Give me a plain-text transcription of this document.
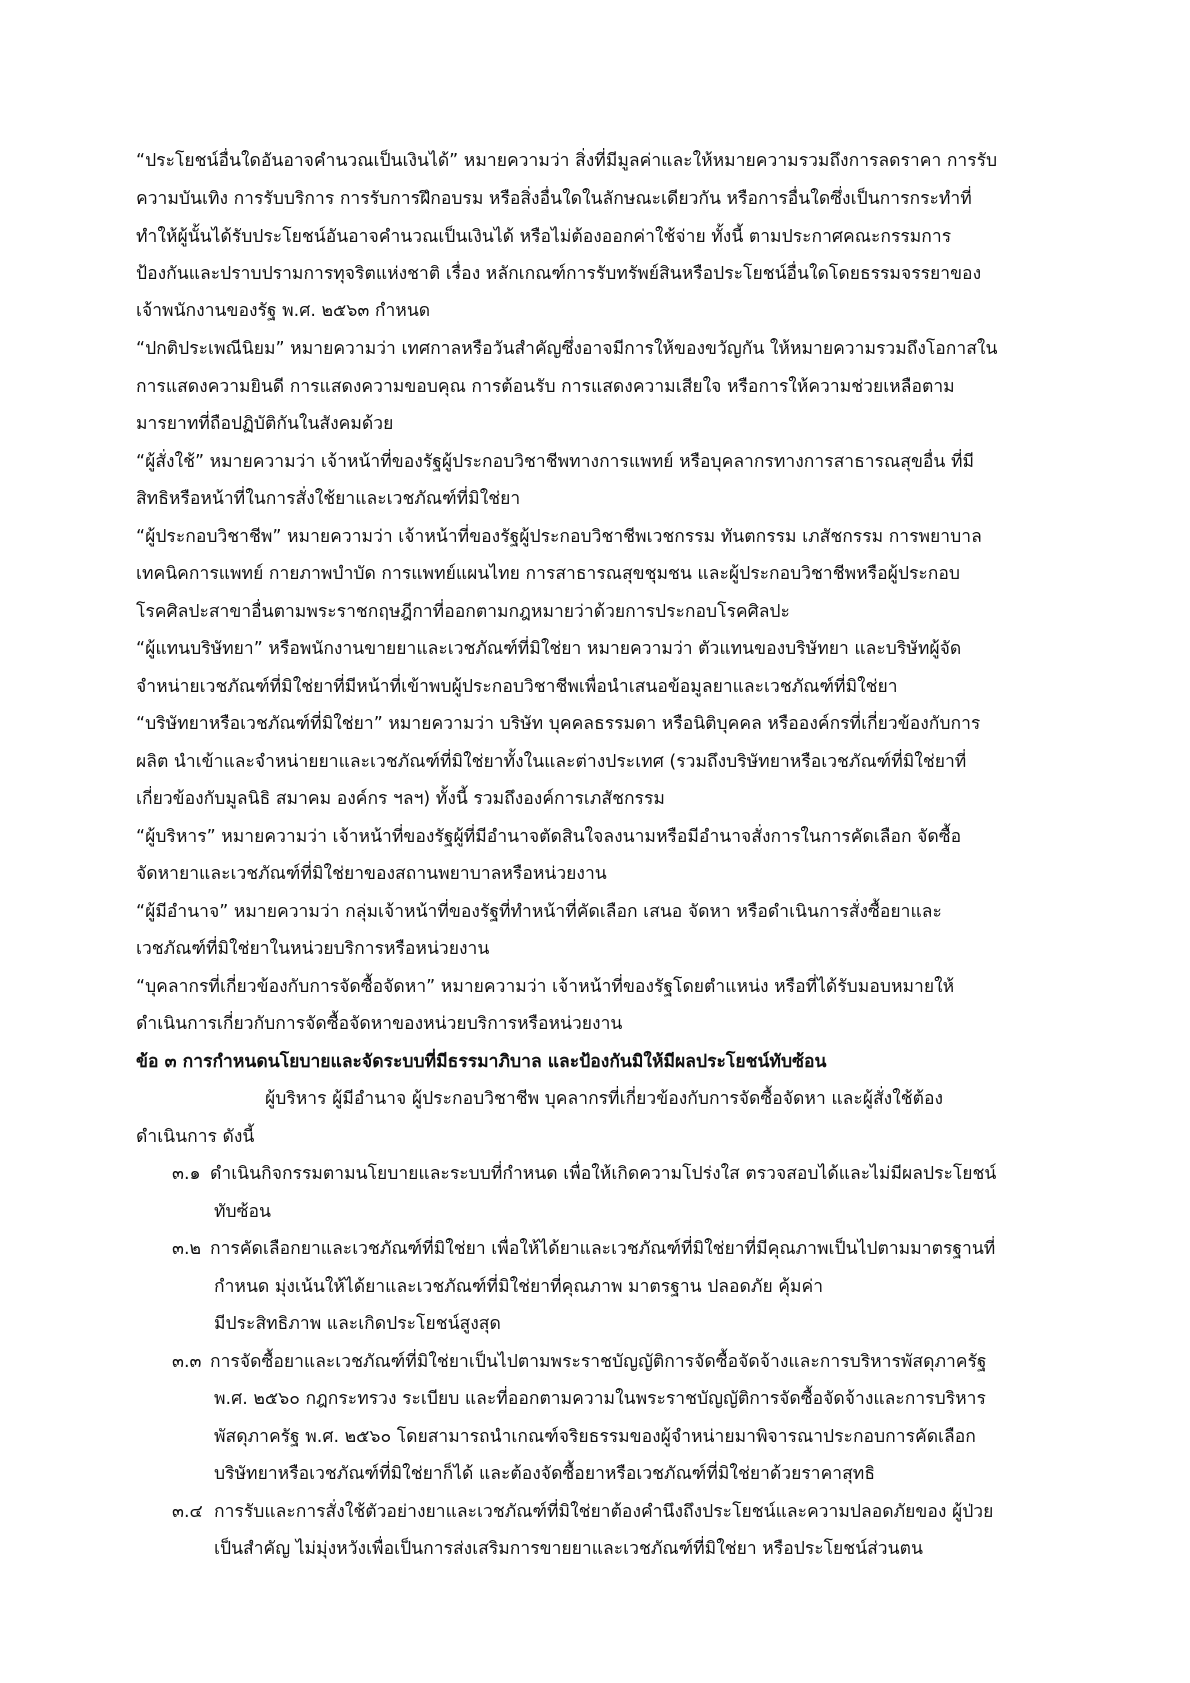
“ประโยชน์อื่นใดอันอาจคำนวณเป็นเงินได้” หมายความว่า สิ่งที่มีมูลค่าและให้หมายความรวมถึงการลดราคา การรับ
ความบันเทิง การรับบริการ การรับการฝึกอบรม หรือสิ่งอื่นใดในลักษณะเดียวกัน หรือการอื่นใดซึ่งเป็นการกระทำที่
ทำให้ผู้นั้นได้รับประโยชน์อันอาจคำนวณเป็นเงินได้ หรือไม่ต้องออกค่าใช้จ่าย ทั้งนี้ ตามประกาศคณะกรรมการ
ป้องกันและปราบปรามการทุจริตแห่งชาติ เรื่อง หลักเกณฑ์การรับทรัพย์สินหรือประโยชน์อื่นใดโดยธรรมจรรยาของ
เจ้าพนักงานของรัฐ พ.ศ. ๒๕๖๓ กำหนด
“ปกติประเพณีนิยม” หมายความว่า เทศกาลหรือวันสำคัญซึ่งอาจมีการให้ของขวัญกัน ให้หมายความรวมถึงโอกาสใน
การแสดงความยินดี การแสดงความขอบคุณ การต้อนรับ การแสดงความเสียใจ หรือการให้ความช่วยเหลือตาม
มารยาทที่ถือปฏิบัติกันในสังคมด้วย
“ผู้สั่งใช้” หมายความว่า เจ้าหน้าที่ของรัฐผู้ประกอบวิชาชีพทางการแพทย์ หรือบุคลากรทางการสาธารณสุขอื่น ที่มี
สิทธิหรือหน้าที่ในการสั่งใช้ยาและเวชภัณฑ์ที่มิใช่ยา
“ผู้ประกอบวิชาชีพ” หมายความว่า เจ้าหน้าที่ของรัฐผู้ประกอบวิชาชีพเวชกรรม ทันตกรรม เภสัชกรรม การพยาบาล
เทคนิคการแพทย์ กายภาพบำบัด การแพทย์แผนไทย การสาธารณสุขชุมชน และผู้ประกอบวิชาชีพหรือผู้ประกอบ
โรคศิลปะสาขาอื่นตามพระราชกฤษฎีกาที่ออกตามกฎหมายว่าด้วยการประกอบโรคศิลปะ
“ผู้แทนบริษัทยา” หรือพนักงานขายยาและเวชภัณฑ์ที่มิใช่ยา หมายความว่า ตัวแทนของบริษัทยา และบริษัทผู้จัด
จำหน่ายเวชภัณฑ์ที่มิใช่ยาที่มีหน้าที่เข้าพบผู้ประกอบวิชาชีพเพื่อนำเสนอข้อมูลยาและเวชภัณฑ์ที่มิใช่ยา
“บริษัทยาหรือเวชภัณฑ์ที่มิใช่ยา” หมายความว่า บริษัท บุคคลธรรมดา หรือนิติบุคคล หรือองค์กรที่เกี่ยวข้องกับการ
ผลิต นำเข้าและจำหน่ายยาและเวชภัณฑ์ที่มิใช่ยาทั้งในและต่างประเทศ (รวมถึงบริษัทยาหรือเวชภัณฑ์ที่มิใช่ยาที่
เกี่ยวข้องกับมูลนิธิ สมาคม องค์กร ฯลฯ) ทั้งนี้ รวมถึงองค์การเภสัชกรรม
“ผู้บริหาร” หมายความว่า เจ้าหน้าที่ของรัฐผู้ที่มีอำนาจตัดสินใจลงนามหรือมีอำนาจสั่งการในการคัดเลือก จัดซื้อ
จัดหายาและเวชภัณฑ์ที่มิใช่ยาของสถานพยาบาลหรือหน่วยงาน
“ผู้มีอำนาจ” หมายความว่า กลุ่มเจ้าหน้าที่ของรัฐที่ทำหน้าที่คัดเลือก เสนอ จัดหา หรือดำเนินการสั่งซื้อยาและ
เวชภัณฑ์ที่มิใช่ยาในหน่วยบริการหรือหน่วยงาน
“บุคลากรที่เกี่ยวข้องกับการจัดซื้อจัดหา” หมายความว่า เจ้าหน้าที่ของรัฐโดยตำแหน่ง หรือที่ได้รับมอบหมายให้
ดำเนินการเกี่ยวกับการจัดซื้อจัดหาของหน่วยบริการหรือหน่วยงาน
ข้อ ๓ การกำหนดนโยบายและจัดระบบที่มีธรรมาภิบาล และป้องกันมิให้มีผลประโยชน์ทับซ้อน
ผู้บริหาร ผู้มีอำนาจ ผู้ประกอบวิชาชีพ บุคลากรที่เกี่ยวข้องกับการจัดซื้อจัดหา และผู้สั่งใช้ต้อง
ดำเนินการ ดังนี้
๓.๑ ดำเนินกิจกรรมตามนโยบายและระบบที่กำหนด เพื่อให้เกิดความโปร่งใส ตรวจสอบได้และไม่มีผลประโยชน์
ทับซ้อน
๓.๒ การคัดเลือกยาและเวชภัณฑ์ที่มิใช่ยา เพื่อให้ได้ยาและเวชภัณฑ์ที่มิใช่ยาที่มีคุณภาพเป็นไปตามมาตรฐานที่
กำหนด มุ่งเน้นให้ได้ยาและเวชภัณฑ์ที่มิใช่ยาที่คุณภาพ มาตรฐาน ปลอดภัย คุ้มค่า
มีประสิทธิภาพ และเกิดประโยชน์สูงสุด
๓.๓ การจัดซื้อยาและเวชภัณฑ์ที่มิใช่ยาเป็นไปตามพระราชบัญญัติการจัดซื้อจัดจ้างและการบริหารพัสดุภาครัฐ
พ.ศ. ๒๕๖๐ กฎกระทรวง ระเบียบ และที่ออกตามความในพระราชบัญญัติการจัดซื้อจัดจ้างและการบริหาร
พัสดุภาครัฐ พ.ศ. ๒๕๖๐ โดยสามารถนำเกณฑ์จริยธรรมของผู้จำหน่ายมาพิจารณาประกอบการคัดเลือก
บริษัทยาหรือเวชภัณฑ์ที่มิใช่ยาก็ได้ และต้องจัดซื้อยาหรือเวชภัณฑ์ที่มิใช่ยาด้วยราคาสุทธิ
๓.๔ การรับและการสั่งใช้ตัวอย่างยาและเวชภัณฑ์ที่มิใช่ยาต้องคำนึงถึงประโยชน์และความปลอดภัยของ ผู้ป่วย
เป็นสำคัญ ไม่มุ่งหวังเพื่อเป็นการส่งเสริมการขายยาและเวชภัณฑ์ที่มิใช่ยา หรือประโยชน์ส่วนตน
